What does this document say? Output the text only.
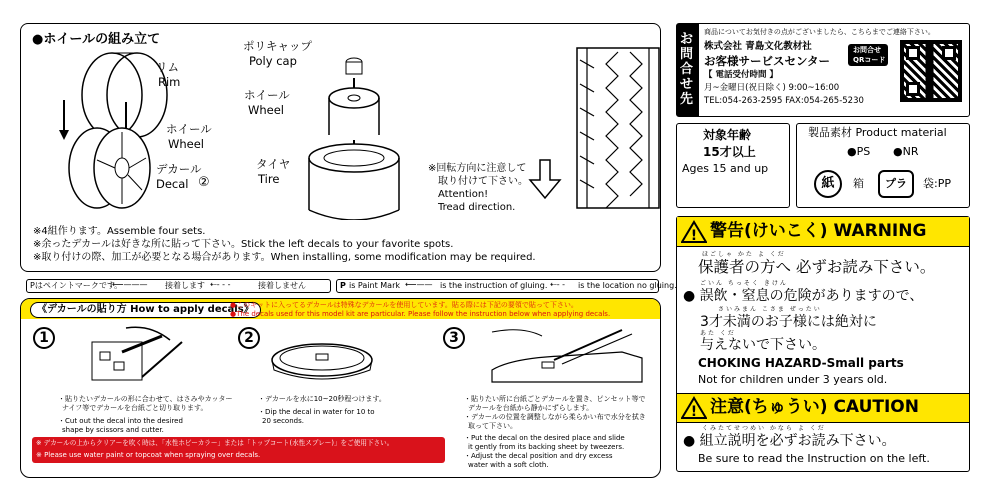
●ホイールの組み立て
リム
Rim
ホイール
Wheel
デカール
Decal ②
ポリキャップ
Poly cap
ホイール
Wheel
タイヤ
Tire
※回転方向に注意して
取り付けて下さい。
Attention!
Tread direction.
※4組作ります。Assemble four sets.
※余ったデカールは好きな所に貼って下さい。Stick the left decals to your favorite spots.
※取り付けの際、加工が必要となる場合があります。When installing, some modification may be required.
Pはペイントマークです。
⟵——— 接着します ⇠- - -	接着しません	P is Paint Mark ⟵—— is the instruction of gluing. ⇠- - is the location no gluing.
《デカールの貼り方 How to apply decals》
●このキットに入ってるデカールは特殊なデカールを使用しています。貼る際には下記の要領で貼って下さい。
●The decals used for this model kit are particular. Please follow the instruction below when applying decals.
1	2	3
・貼りたいデカールの形に合わせて、はさみやカッター
ナイフ等でデカールを台紙ごと切り取ります。
・Cut out the decal into the desired
shape by scissors and cutter.
・デカールを水に10~20秒程つけます。
・Dip the decal in water for 10 to
20 seconds.
・貼りたい所に台紙ごとデカールを置き、ピンセット等で
デカールを台紙から静かにずらします。
・デカールの位置を調整しながら柔らかい布で水分を拭き
取って下さい。
・Put the decal on the desired place and slide
it gently from its backing sheet by tweezers.
・Adjust the decal position and dry excess
water with a soft cloth.
※ デカールの上からクリアーを吹く時は、「水性ホビーカラー」または「トップコート(水性スプレー)」をご使用下さい。
※ Please use water paint or topcoat when spraying over decals.
お問合せ先
商品についてお気付きの点がございましたら、こちらまでご連絡下さい。
株式会社 青島文化教材社
お客様サービスセンター
お問合せ
QRコード
【 電話受付時間 】
月~金曜日(祝日除く) 9:00~16:00
TEL:054-263-2595 FAX:054-265-5230
対象年齢
15才以上
Ages 15 and up
製品素材 Product material
●PS ●NR
紙	箱	プラ	袋:PP
! 警告(けいこく) WARNING
ほごしゃ かた よ くだ
保護者の方へ 必ずお読み下さい。
ごいん ちっそく きけん
● 誤飲・窒息の危険がありますので、
さいみまん こさま ぜったい
3才未満のお子様には絶対に
あた くだ
与えないで下さい。
CHOKING HAZARD-Small parts
Not for children under 3 years old.
! 注意(ちゅうい) CAUTION
くみたてせつめい かなら よ くだ
● 組立説明を必ずお読み下さい。
Be sure to read the Instruction on the left.
